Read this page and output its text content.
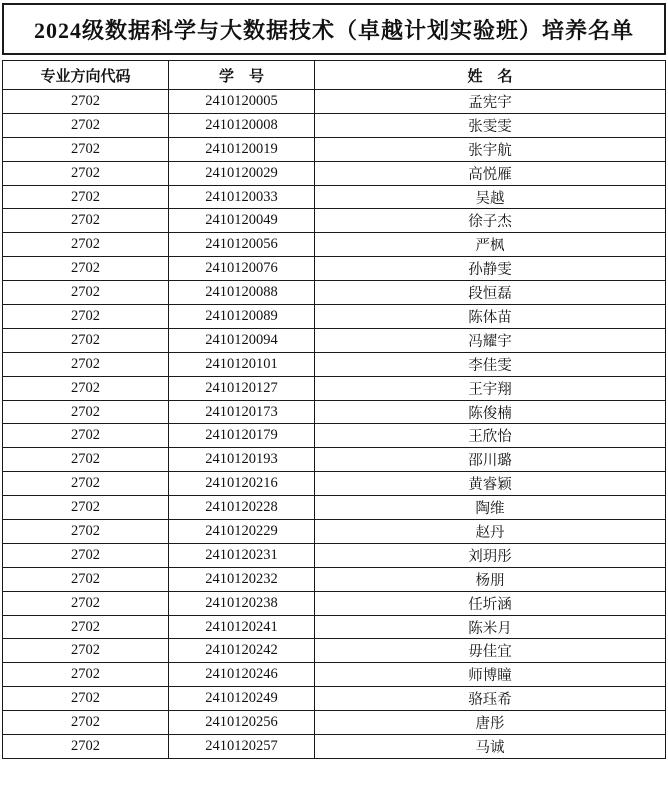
2024级数据科学与大数据技术（卓越计划实验班）培养名单
专业方向代码	学　号	姓　名
2702	2410120005	孟宪宇
2702	2410120008	张雯雯
2702	2410120019	张宇航
2702	2410120029	高悦雁
2702	2410120033	吴越
2702	2410120049	徐子杰
2702	2410120056	严枫
2702	2410120076	孙静雯
2702	2410120088	段恒磊
2702	2410120089	陈体苗
2702	2410120094	冯耀宇
2702	2410120101	李佳雯
2702	2410120127	王宇翔
2702	2410120173	陈俊楠
2702	2410120179	王欣怡
2702	2410120193	邵川璐
2702	2410120216	黄睿颖
2702	2410120228	陶维
2702	2410120229	赵丹
2702	2410120231	刘玥彤
2702	2410120232	杨朋
2702	2410120238	任圻涵
2702	2410120241	陈米月
2702	2410120242	毋佳宜
2702	2410120246	师博瞳
2702	2410120249	骆珏希
2702	2410120256	唐彤
2702	2410120257	马诚
